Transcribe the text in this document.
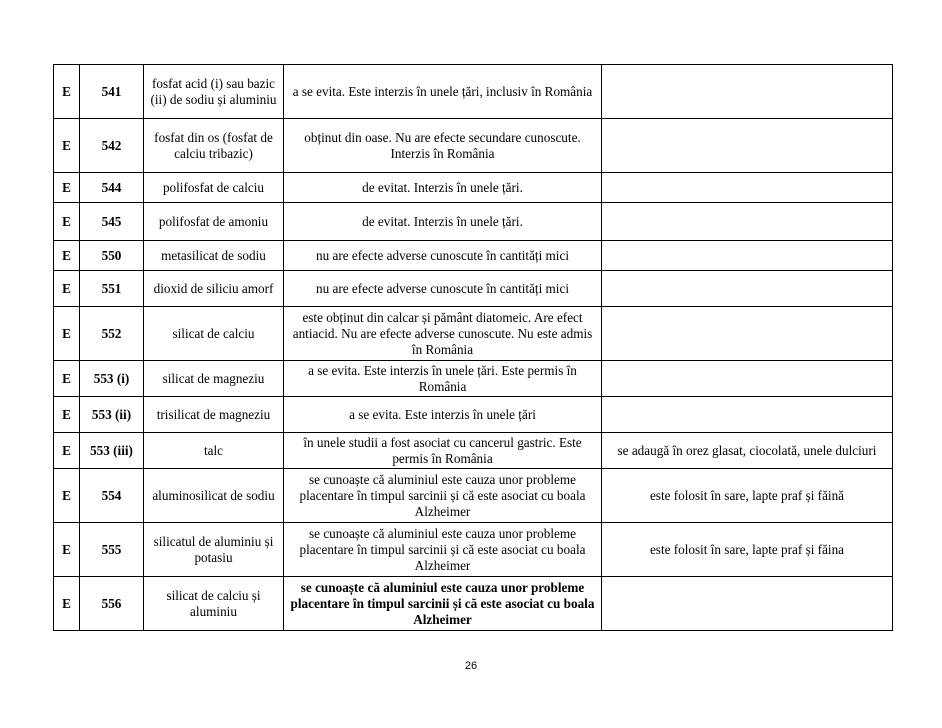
E	541	fosfat acid (i) sau bazic (ii) de sodiu și aluminiu	a se evita. Este interzis în unele țări, inclusiv în România	
E	542	fosfat din os (fosfat de calciu tribazic)	obținut din oase. Nu are efecte secundare cunoscute. Interzis în România	
E	544	polifosfat de calciu	de evitat. Interzis în unele țări.	
E	545	polifosfat de amoniu	de evitat. Interzis în unele țări.	
E	550	metasilicat de sodiu	nu are efecte adverse cunoscute în cantități mici	
E	551	dioxid de siliciu amorf	nu are efecte adverse cunoscute în cantități mici	
E	552	silicat de calciu	este obținut din calcar și pământ diatomeic. Are efect antiacid. Nu are efecte adverse cunoscute. Nu este admis în România	
E	553 (i)	silicat de magneziu	a se evita. Este interzis în unele țări. Este permis în România	
E	553 (ii)	trisilicat de magneziu	a se evita. Este interzis în unele țări	
E	553 (iii)	talc	în unele studii a fost asociat cu cancerul gastric. Este permis în România	se adaugă în orez glasat, ciocolată, unele dulciuri
E	554	aluminosilicat de sodiu	se cunoaște că aluminiul este cauza unor probleme placentare în timpul sarcinii și că este asociat cu boala Alzheimer	este folosit în sare, lapte praf și făină
E	555	silicatul de aluminiu și potasiu	se cunoaște că aluminiul este cauza unor probleme placentare în timpul sarcinii și că este asociat cu boala Alzheimer	este folosit în sare, lapte praf și făina
E	556	silicat de calciu și aluminiu	se cunoaște că aluminiul este cauza unor probleme placentare în timpul sarcinii și că este asociat cu boala Alzheimer	
26
